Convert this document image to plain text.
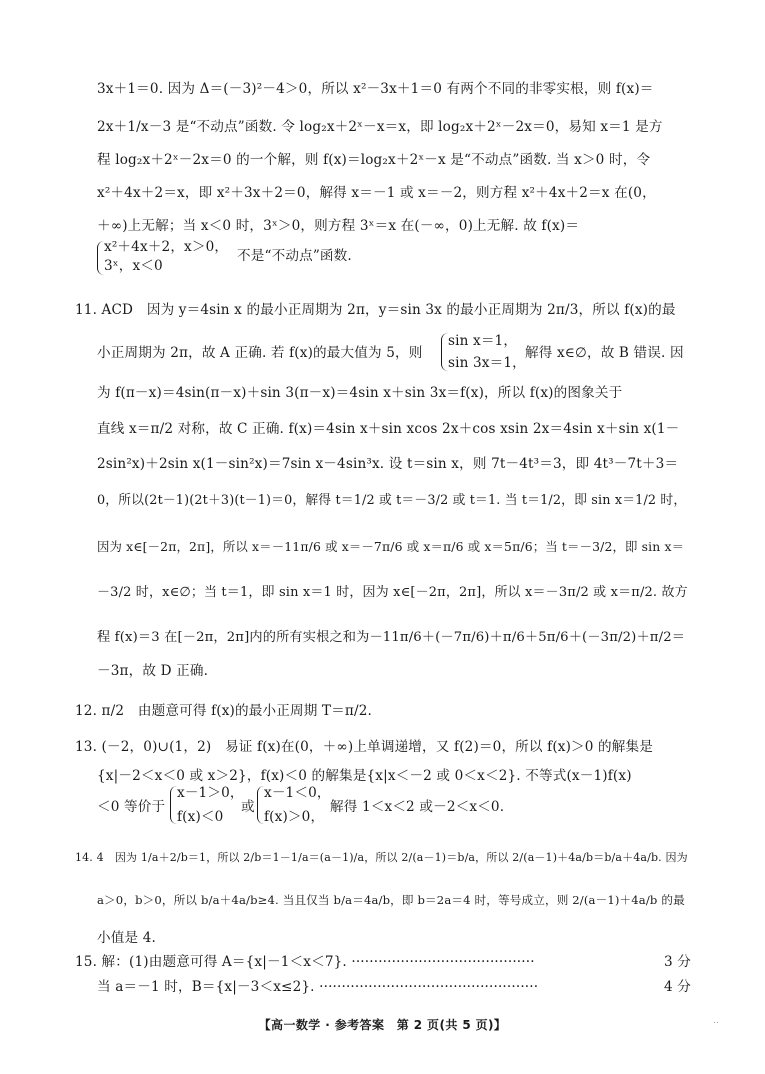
3x＋1＝0. 因为 Δ＝(－3)²－4＞0，所以 x²－3x＋1＝0 有两个不同的非零实根，则 f(x)＝
2x＋1/x－3 是“不动点”函数. 令 log₂x＋2ˣ－x＝x，即 log₂x＋2ˣ－2x＝0，易知 x＝1 是方
程 log₂x＋2ˣ－2x＝0 的一个解，则 f(x)＝log₂x＋2ˣ－x 是“不动点”函数. 当 x＞0 时，令
x²＋4x＋2＝x，即 x²＋3x＋2＝0，解得 x＝－1 或 x＝－2，则方程 x²＋4x＋2＝x 在(0，
＋∞)上无解；当 x＜0 时，3ˣ＞0，则方程 3ˣ＝x 在(－∞，0)上无解. 故 f(x)＝
x²＋4x＋2，x＞0，
不是“不动点”函数.
3ˣ，x＜0
11. ACD　因为 y＝4sin x 的最小正周期为 2π，y＝sin 3x 的最小正周期为 2π/3，所以 f(x)的最
小正周期为 2π，故 A 正确. 若 f(x)的最大值为 5，则
sin x＝1，
sin 3x＝1，
解得 x∈∅，故 B 错误. 因
为 f(π－x)＝4sin(π－x)＋sin 3(π－x)＝4sin x＋sin 3x＝f(x)，所以 f(x)的图象关于
直线 x＝π/2 对称，故 C 正确. f(x)＝4sin x＋sin xcos 2x＋cos xsin 2x＝4sin x＋sin x(1－
2sin²x)＋2sin x(1－sin²x)＝7sin x－4sin³x. 设 t＝sin x，则 7t－4t³＝3，即 4t³－7t＋3＝
0，所以(2t－1)(2t＋3)(t－1)＝0，解得 t＝1/2 或 t＝－3/2 或 t＝1. 当 t＝1/2，即 sin x＝1/2 时，
因为 x∈[－2π，2π]，所以 x＝－11π/6 或 x＝－7π/6 或 x＝π/6 或 x＝5π/6；当 t＝－3/2，即 sin x＝
－3/2 时，x∈∅；当 t＝1，即 sin x＝1 时，因为 x∈[－2π，2π]，所以 x＝－3π/2 或 x＝π/2. 故方
程 f(x)＝3 在[－2π，2π]内的所有实根之和为－11π/6＋(－7π/6)＋π/6＋5π/6＋(－3π/2)＋π/2＝
－3π，故 D 正确.
12. π/2　由题意可得 f(x)的最小正周期 T＝π/2.
13. (－2，0)∪(1，2)　易证 f(x)在(0，＋∞)上单调递增，又 f(2)＝0，所以 f(x)＞0 的解集是
{x|－2＜x＜0 或 x＞2}，f(x)＜0 的解集是{x|x＜－2 或 0＜x＜2}. 不等式(x－1)f(x)
＜0 等价于
x－1＞0，
f(x)＜0
或
x－1＜0，
f(x)＞0，
解得 1＜x＜2 或－2＜x＜0.
14. 4　因为 1/a＋2/b＝1，所以 2/b＝1－1/a＝(a－1)/a，所以 2/(a－1)＝b/a，所以 2/(a－1)＋4a/b＝b/a＋4a/b. 因为
a＞0，b＞0，所以 b/a＋4a/b≥4. 当且仅当 b/a＝4a/b，即 b＝2a＝4 时，等号成立，则 2/(a－1)＋4a/b 的最
小值是 4.
15. 解：(1)由题意可得 A＝{x|－1＜x＜7}. ·········································	3 分
当 a＝－1 时，B＝{x|－3＜x≤2}. ·················································	4 分
【高一数学 · 参考答案　第 2 页(共 5 页)】	..
